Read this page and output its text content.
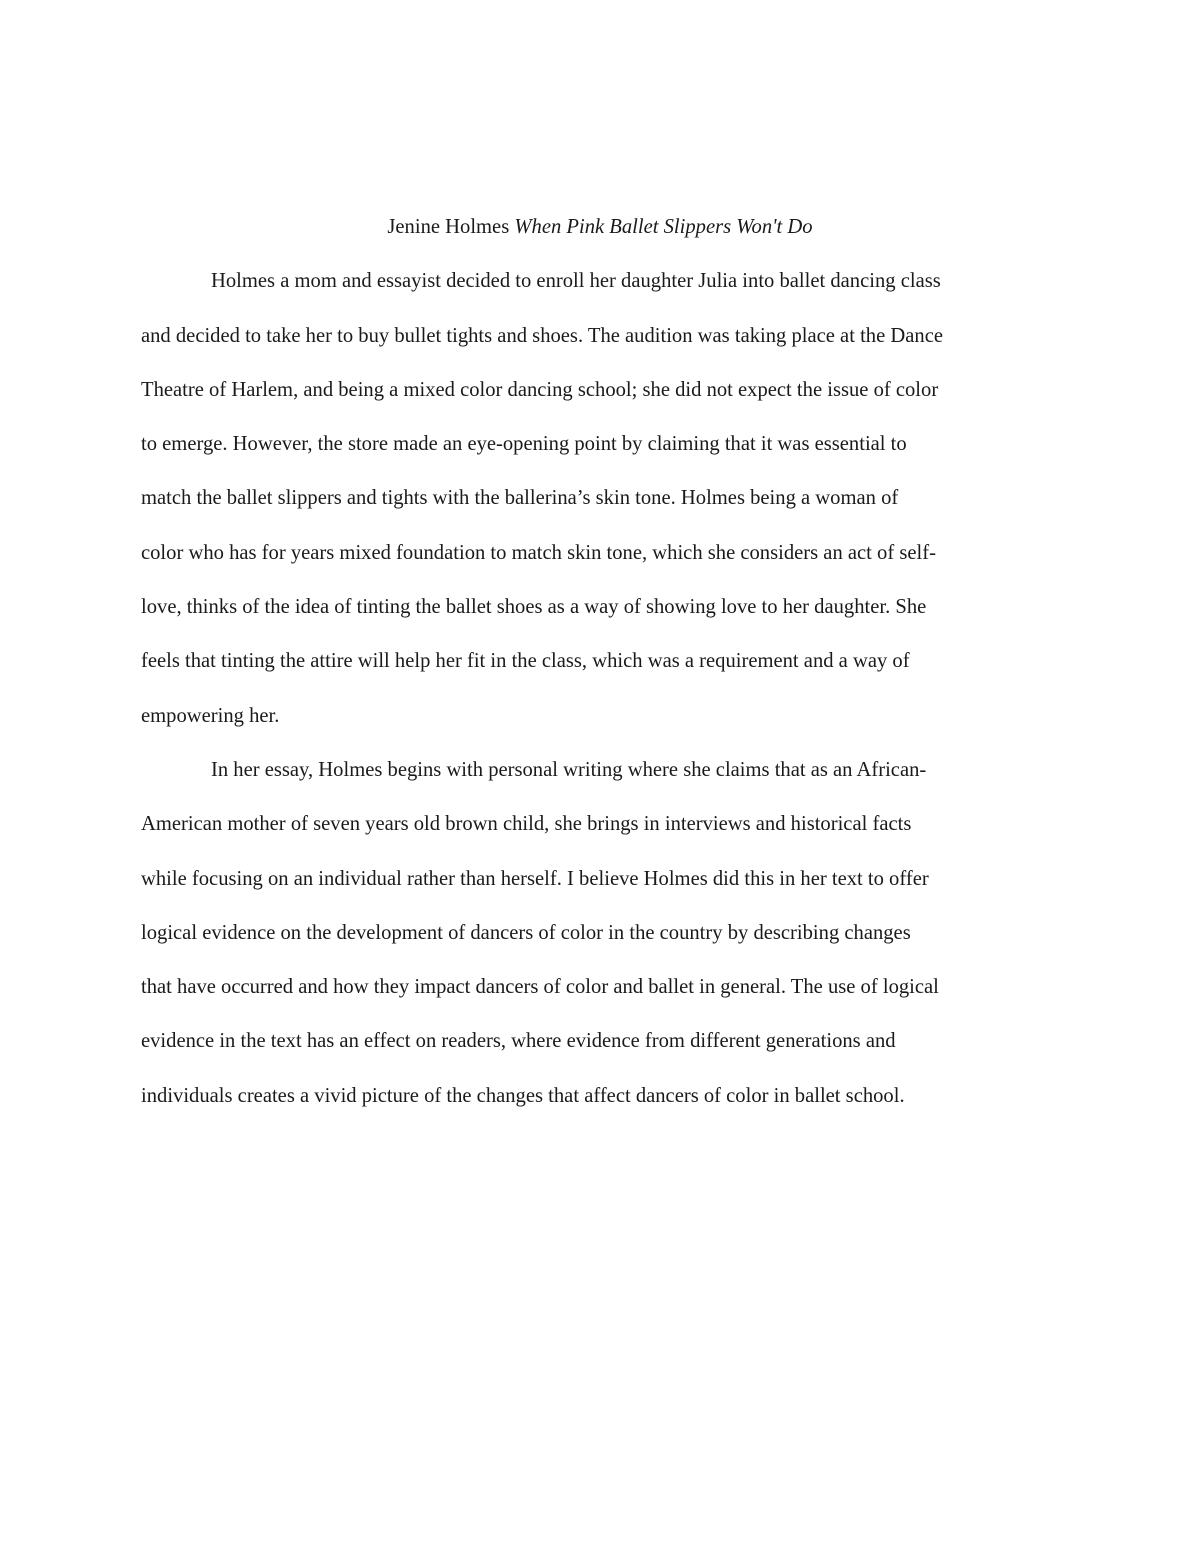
Jenine Holmes When Pink Ballet Slippers Won't Do

Holmes a mom and essayist decided to enroll her daughter Julia into ballet dancing class
and decided to take her to buy bullet tights and shoes. The audition was taking place at the Dance
Theatre of Harlem, and being a mixed color dancing school; she did not expect the issue of color
to emerge. However, the store made an eye-opening point by claiming that it was essential to
match the ballet slippers and tights with the ballerina’s skin tone. Holmes being a woman of
color who has for years mixed foundation to match skin tone, which she considers an act of self-
love, thinks of the idea of tinting the ballet shoes as a way of showing love to her daughter. She
feels that tinting the attire will help her fit in the class, which was a requirement and a way of
empowering her.

In her essay, Holmes begins with personal writing where she claims that as an African-
American mother of seven years old brown child, she brings in interviews and historical facts
while focusing on an individual rather than herself. I believe Holmes did this in her text to offer
logical evidence on the development of dancers of color in the country by describing changes
that have occurred and how they impact dancers of color and ballet in general. The use of logical
evidence in the text has an effect on readers, where evidence from different generations and
individuals creates a vivid picture of the changes that affect dancers of color in ballet school.
